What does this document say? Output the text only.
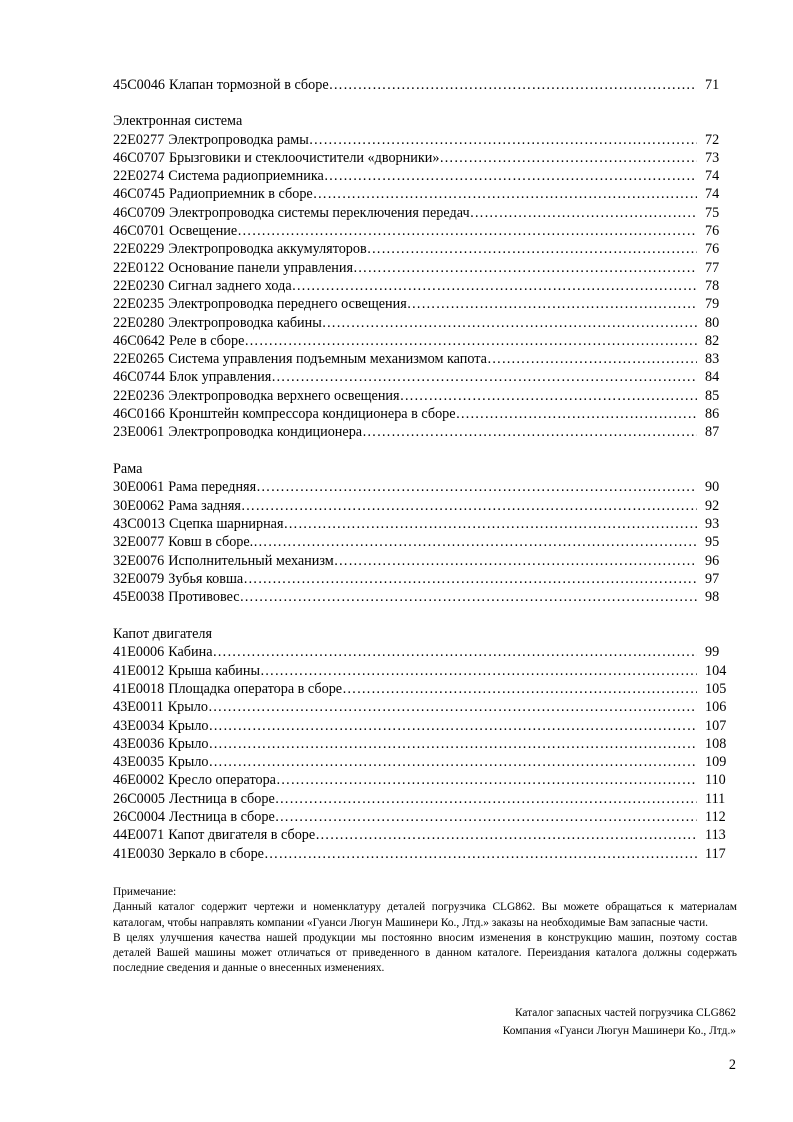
45C0046 Клапан тормозной в сборе …………………………………………………………………………………………………………………………………………………………	71
Электронная система
22E0277 Электропроводка рамы …………………………………………………………………………………………………………………………………………………………	72
46C0707 Брызговики и стеклоочистители «дворники» …………………………………………………………………………………………………………………………………………………………	73
22E0274 Система радиоприемника …………………………………………………………………………………………………………………………………………………………	74
46C0745 Радиоприемник в сборе …………………………………………………………………………………………………………………………………………………………	74
46C0709 Электропроводка системы переключения передач …………………………………………………………………………………………………………………………………………………………	75
46C0701 Освещение …………………………………………………………………………………………………………………………………………………………	76
22E0229 Электропроводка аккумуляторов …………………………………………………………………………………………………………………………………………………………	76
22E0122 Основание панели управления …………………………………………………………………………………………………………………………………………………………	77
22E0230 Сигнал заднего хода …………………………………………………………………………………………………………………………………………………………	78
22E0235 Электропроводка переднего освещения …………………………………………………………………………………………………………………………………………………………	79
22E0280 Электропроводка кабины …………………………………………………………………………………………………………………………………………………………	80
46C0642 Реле в сборе …………………………………………………………………………………………………………………………………………………………	82
22E0265 Система управления подъемным механизмом капота …………………………………………………………………………………………………………………………………………………………	83
46C0744 Блок управления …………………………………………………………………………………………………………………………………………………………	84
22E0236 Электропроводка верхнего освещения …………………………………………………………………………………………………………………………………………………………	85
46C0166 Кронштейн компрессора кондиционера в сборе …………………………………………………………………………………………………………………………………………………………	86
23E0061 Электропроводка кондиционера …………………………………………………………………………………………………………………………………………………………	87
Рама
30E0061 Рама передняя …………………………………………………………………………………………………………………………………………………………	90
30E0062 Рама задняя …………………………………………………………………………………………………………………………………………………………	92
43C0013 Сцепка шарнирная …………………………………………………………………………………………………………………………………………………………	93
32E0077 Ковш в сборе. …………………………………………………………………………………………………………………………………………………………	95
32E0076 Исполнительный механизм …………………………………………………………………………………………………………………………………………………………	96
32E0079 Зубья ковша …………………………………………………………………………………………………………………………………………………………	97
45E0038 Противовес …………………………………………………………………………………………………………………………………………………………	98
Капот двигателя
41E0006 Кабина …………………………………………………………………………………………………………………………………………………………	99
41E0012 Крыша кабины …………………………………………………………………………………………………………………………………………………………	104
41E0018 Площадка оператора в сборе …………………………………………………………………………………………………………………………………………………………	105
43E0011 Крыло …………………………………………………………………………………………………………………………………………………………	106
43E0034 Крыло …………………………………………………………………………………………………………………………………………………………	107
43E0036 Крыло …………………………………………………………………………………………………………………………………………………………	108
43E0035 Крыло …………………………………………………………………………………………………………………………………………………………	109
46E0002 Кресло оператора …………………………………………………………………………………………………………………………………………………………	110
26C0005 Лестница в сборе …………………………………………………………………………………………………………………………………………………………	111
26C0004 Лестница в сборе …………………………………………………………………………………………………………………………………………………………	112
44E0071 Капот двигателя в сборе …………………………………………………………………………………………………………………………………………………………	113
41E0030 Зеркало в сборе …………………………………………………………………………………………………………………………………………………………	117

Примечание:

Данный каталог содержит чертежи и номенклатуру деталей погрузчика CLG862. Вы можете обращаться к материалам каталогам, чтобы направлять компании «Гуанси Люгун Машинери Ко., Лтд.» заказы на необходимые Вам запасные части.

В целях улучшения качества нашей продукции мы постоянно вносим изменения в конструкцию машин, поэтому состав деталей Вашей машины может отличаться от приведенного в данном каталоге. Переиздания каталога должны содержать последние сведения и данные о внесенных изменениях.

Каталог запасных частей погрузчика CLG862
Компания «Гуанси Люгун Машинери Ко., Лтд.»
2
